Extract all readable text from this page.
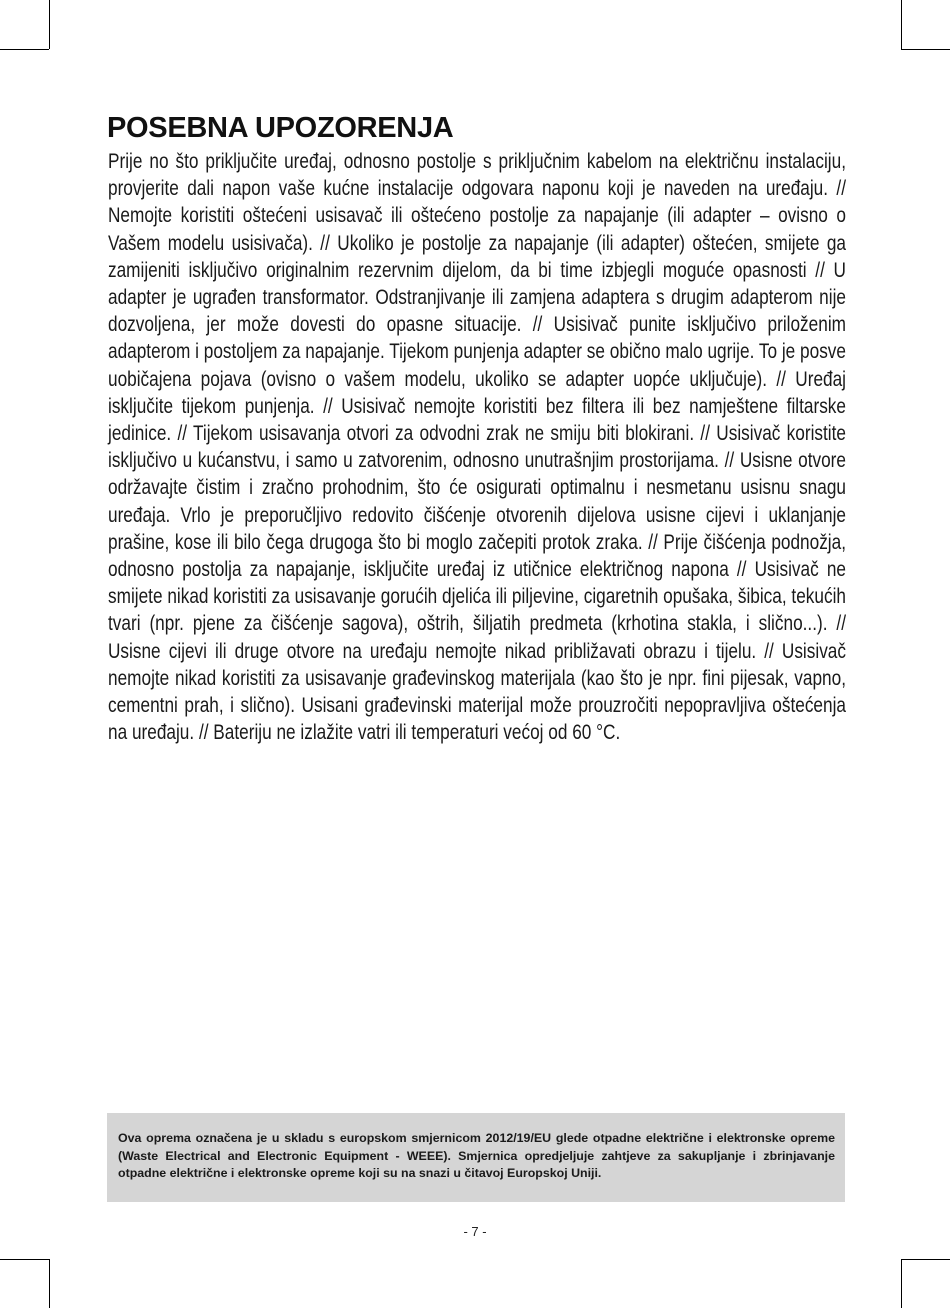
POSEBNA UPOZORENJA

Prije no što priključite uređaj, odnosno postolje s priključnim kabelom na električnu instalaciju, provjerite dali napon vaše kućne instalacije odgovara naponu koji je naveden na uređaju. // Nemojte koristiti oštećeni usisavač ili oštećeno postolje za napajanje (ili adapter – ovisno o Vašem modelu usisivača). // Ukoliko je postolje za napajanje (ili adapter) oštećen, smijete ga zamijeniti isključivo originalnim rezervnim dijelom, da bi time izbjegli moguće opasnosti // U adapter je ugrađen transformator. Odstranjivanje ili zamjena adaptera s drugim adapterom nije dozvoljena, jer može dovesti do opasne situacije. // Usisivač punite isključivo priloženim adapterom i postoljem za napajanje. Tijekom punjenja adapter se obično malo ugrije. To je posve uobičajena pojava (ovisno o vašem modelu, ukoliko se adapter uopće uključuje). // Uređaj isključite tijekom punjenja. // Usisivač nemojte koristiti bez filtera ili bez namještene filtarske jedinice. // Tijekom usisavanja otvori za odvodni zrak ne smiju biti blokirani. // Usisivač koristite isključivo u kućanstvu, i samo u zatvorenim, odnosno unutrašnjim prostorijama. // Usisne otvore održavajte čistim i zračno prohodnim, što će osigurati optimalnu i nesmetanu usisnu snagu uređaja. Vrlo je preporučljivo redovito čišćenje otvorenih dijelova usisne cijevi i uklanjanje prašine, kose ili bilo čega drugoga što bi moglo začepiti protok zraka. // Prije čišćenja podnožja, odnosno postolja za napajanje, isključite uređaj iz utičnice električnog napona // Usisivač ne smijete nikad koristiti za usisavanje gorućih djelića ili piljevine, cigaretnih opušaka, šibica, tekućih tvari (npr. pjene za čišćenje sagova), oštrih, šiljatih predmeta (krhotina stakla, i slično...). // Usisne cijevi ili druge otvore na uređaju nemojte nikad približavati obrazu i tijelu. // Usisivač nemojte nikad koristiti za usisavanje građevinskog materijala (kao što je npr. fini pijesak, vapno, cementni prah, i slično). Usisani građevinski materijal može prouzročiti nepopravljiva oštećenja na uređaju. // Bateriju ne izlažite vatri ili temperaturi većoj od 60 °C.

Ova oprema označena je u skladu s europskom smjernicom 2012/19/EU glede otpadne električne i elektronske opreme (Waste Electrical and Electronic Equipment - WEEE). Smjernica opredjeljuje zahtjeve za sakupljanje i zbrinjavanje otpadne električne i elektronske opreme koji su na snazi u čitavoj Europskoj Uniji.

- 7 -
